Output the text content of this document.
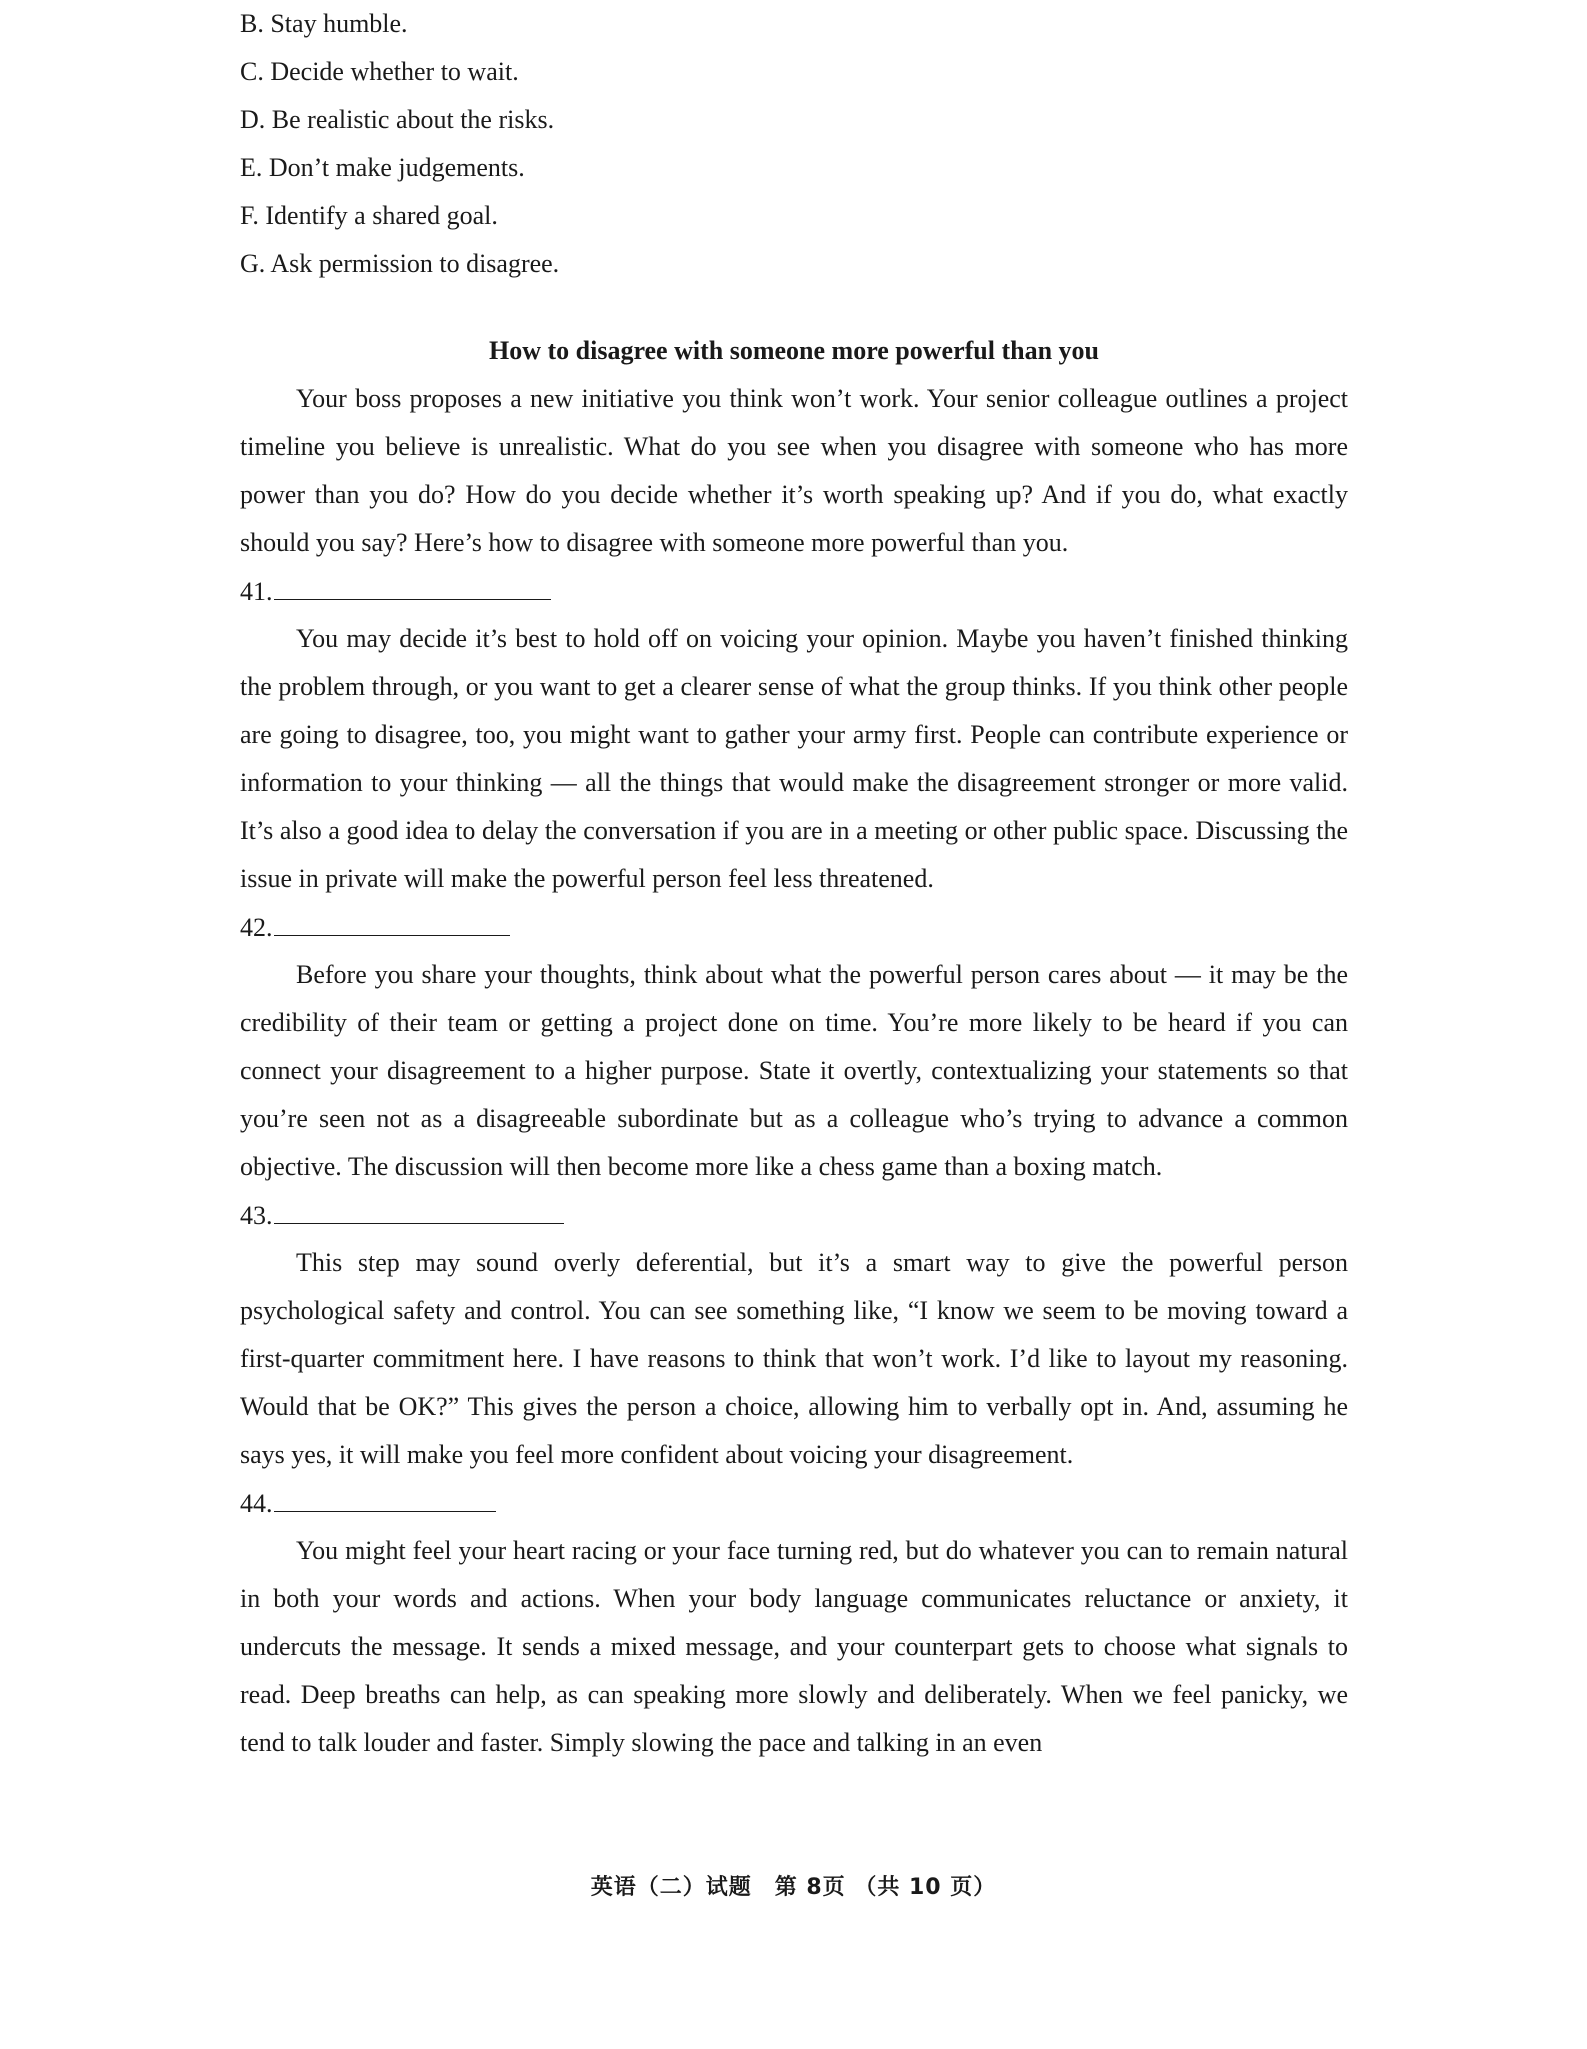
B. Stay humble.
C. Decide whether to wait.
D. Be realistic about the risks.
E. Don’t make judgements.
F. Identify a shared goal.
G. Ask permission to disagree.
How to disagree with someone more powerful than you

Your boss proposes a new initiative you think won’t work. Your senior colleague outlines a project timeline you believe is unrealistic. What do you see when you disagree with someone who has more power than you do? How do you decide whether it’s worth speaking up? And if you do, what exactly should you say? Here’s how to disagree with someone more powerful than you.

41.

You may decide it’s best to hold off on voicing your opinion. Maybe you haven’t finished thinking the problem through, or you want to get a clearer sense of what the group thinks. If you think other people are going to disagree, too, you might want to gather your army first. People can contribute experience or information to your thinking — all the things that would make the disagreement stronger or more valid. It’s also a good idea to delay the conversation if you are in a meeting or other public space. Discussing the issue in private will make the powerful person feel less threatened.

42.

Before you share your thoughts, think about what the powerful person cares about — it may be the credibility of their team or getting a project done on time. You’re more likely to be heard if you can connect your disagreement to a higher purpose. State it overtly, contextualizing your statements so that you’re seen not as a disagreeable subordinate but as a colleague who’s trying to advance a common objective. The discussion will then become more like a chess game than a boxing match.

43.

This step may sound overly deferential, but it’s a smart way to give the powerful person psychological safety and control. You can see something like, “I know we seem to be moving toward a first-quarter commitment here. I have reasons to think that won’t work. I’d like to layout my reasoning. Would that be OK?” This gives the person a choice, allowing him to verbally opt in. And, assuming he says yes, it will make you feel more confident about voicing your disagreement.

44.

You might feel your heart racing or your face turning red, but do whatever you can to remain natural in both your words and actions. When your body language communicates reluctance or anxiety, it undercuts the message. It sends a mixed message, and your counterpart gets to choose what signals to read. Deep breaths can help, as can speaking more slowly and deliberately. When we feel panicky, we tend to talk louder and faster. Simply slowing the pace and talking in an even

英语（二）试题　第 8页 （共 10 页）
